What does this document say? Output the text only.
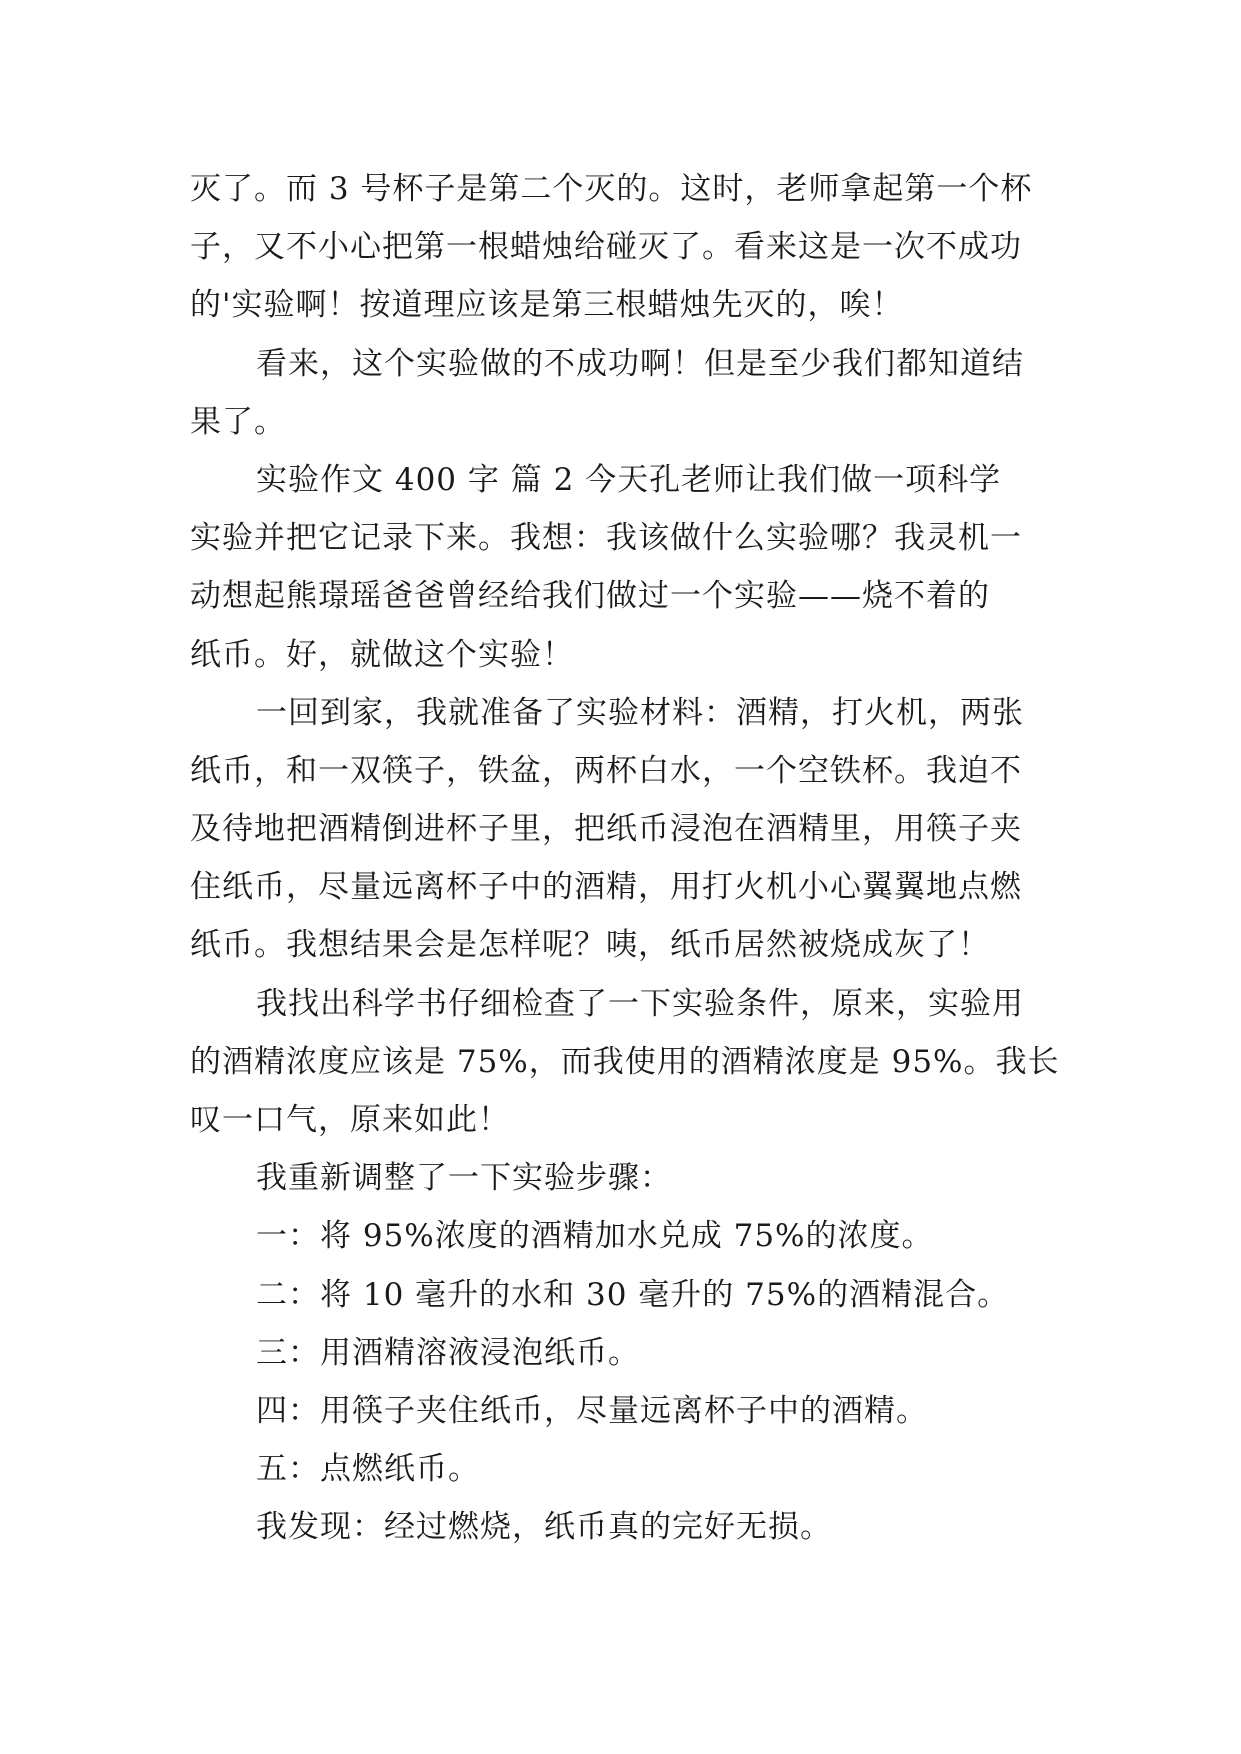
灭了。而 3 号杯子是第二个灭的。这时，老师拿起第一个杯
子，又不小心把第一根蜡烛给碰灭了。看来这是一次不成功
的'实验啊！按道理应该是第三根蜡烛先灭的，唉！
看来，这个实验做的不成功啊！但是至少我们都知道结
果了。
实验作文 400 字 篇 2 今天孔老师让我们做一项科学
实验并把它记录下来。我想：我该做什么实验哪？我灵机一
动想起熊璟瑶爸爸曾经给我们做过一个实验——烧不着的
纸币。好，就做这个实验！
一回到家，我就准备了实验材料：酒精，打火机，两张
纸币，和一双筷子，铁盆，两杯白水，一个空铁杯。我迫不
及待地把酒精倒进杯子里，把纸币浸泡在酒精里，用筷子夹
住纸币，尽量远离杯子中的酒精，用打火机小心翼翼地点燃
纸币。我想结果会是怎样呢？咦，纸币居然被烧成灰了！
我找出科学书仔细检查了一下实验条件，原来，实验用
的酒精浓度应该是 75%，而我使用的酒精浓度是 95%。我长
叹一口气，原来如此！
我重新调整了一下实验步骤：
一：将 95%浓度的酒精加水兑成 75%的浓度。
二：将 10 毫升的水和 30 毫升的 75%的酒精混合。
三：用酒精溶液浸泡纸币。
四：用筷子夹住纸币，尽量远离杯子中的酒精。
五：点燃纸币。
我发现：经过燃烧，纸币真的完好无损。
